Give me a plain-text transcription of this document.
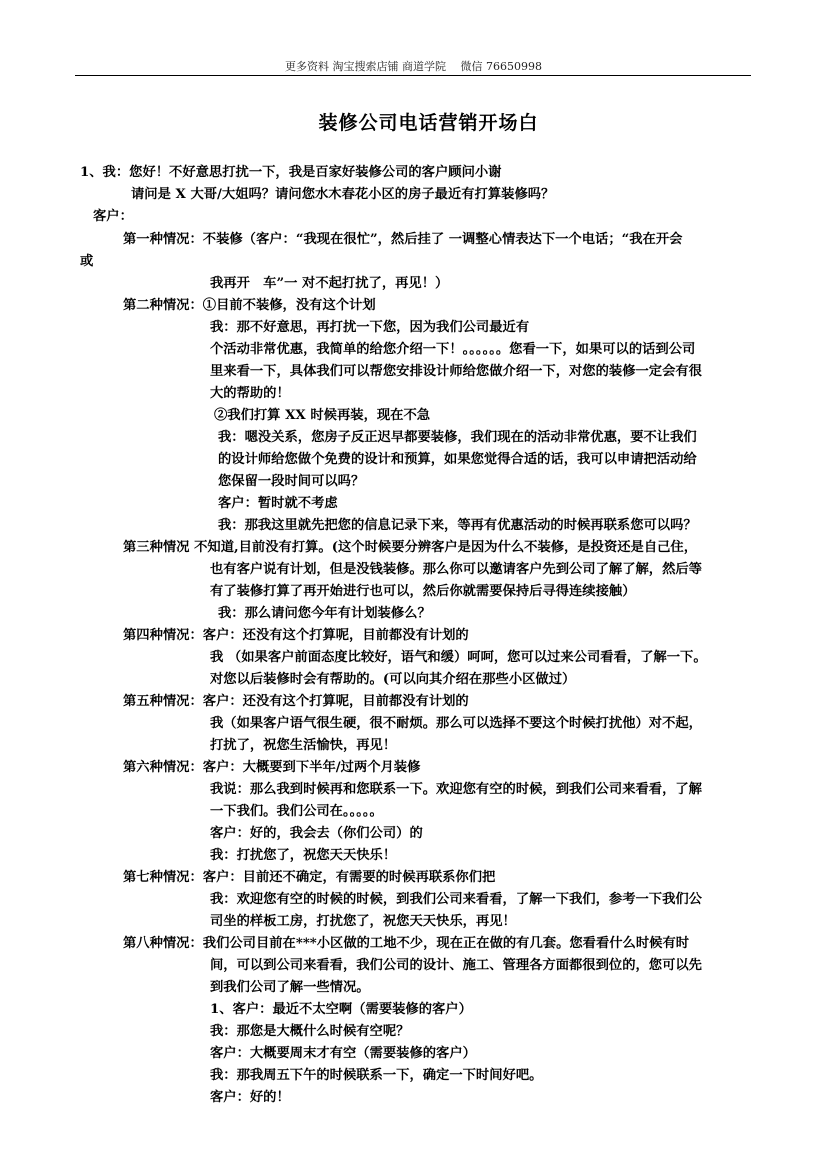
更多资料 淘宝搜索店铺 商道学院　 微信 76650998
装修公司电话营销开场白
1、我：您好！不好意思打扰一下，我是百家好装修公司的客户顾问小谢
请问是 X 大哥/大姐吗？请问您水木春花小区的房子最近有打算装修吗？
客户：
第一种情况：不装修（客户：“我现在很忙”，然后挂了 一调整心情表达下一个电话；“我在开会
或
我再开　车”一 对不起打扰了，再见！）
第二种情况：①目前不装修，没有这个计划
我：那不好意思，再打扰一下您，因为我们公司最近有
个活动非常优惠，我简单的给您介绍一下！。。。。。。您看一下，如果可以的话到公司
里来看一下，具体我们可以帮您安排设计师给您做介绍一下，对您的装修一定会有很
大的帮助的！
②我们打算 XX 时候再装，现在不急
我：嗯没关系，您房子反正迟早都要装修，我们现在的活动非常优惠，要不让我们
的设计师给您做个免费的设计和预算，如果您觉得合适的话，我可以申请把活动给
您保留一段时间可以吗？
客户：暂时就不考虑
我：那我这里就先把您的信息记录下来，等再有优惠活动的时候再联系您可以吗？
第三种情况 不知道,目前没有打算。(这个时候要分辨客户是因为什么不装修，是投资还是自己住，
也有客户说有计划，但是没钱装修。那么你可以邀请客户先到公司了解了解，然后等
有了装修打算了再开始进行也可以，然后你就需要保持后寻得连续接触）
我：那么请问您今年有计划装修么？
第四种情况：客户：还没有这个打算呢，目前都没有计划的
我 （如果客户前面态度比较好，语气和缓）呵呵，您可以过来公司看看，了解一下。
对您以后装修时会有帮助的。(可以向其介绍在那些小区做过）
第五种情况：客户：还没有这个打算呢，目前都没有计划的
我（如果客户语气很生硬，很不耐烦。那么可以选择不要这个时候打扰他）对不起，
打扰了，祝您生活愉快，再见！
第六种情况：客户：大概要到下半年/过两个月装修
我说：那么我到时候再和您联系一下。欢迎您有空的时候，到我们公司来看看，了解
一下我们。我们公司在。。。。。
客户：好的，我会去（你们公司）的
我：打扰您了，祝您天天快乐！
第七种情况：客户：目前还不确定，有需要的时候再联系你们把
我：欢迎您有空的时候的时候，到我们公司来看看，了解一下我们，参考一下我们公
司坐的样板工房，打扰您了，祝您天天快乐，再见！
第八种情况：我们公司目前在***小区做的工地不少，现在正在做的有几套。您看看什么时候有时
间，可以到公司来看看，我们公司的设计、施工、管理各方面都很到位的，您可以先
到我们公司了解一些情况。
1、客户：最近不太空啊（需要装修的客户）
我：那您是大概什么时候有空呢？
客户：大概要周末才有空（需要装修的客户）
我：那我周五下午的时候联系一下，确定一下时间好吧。
客户：好的！
